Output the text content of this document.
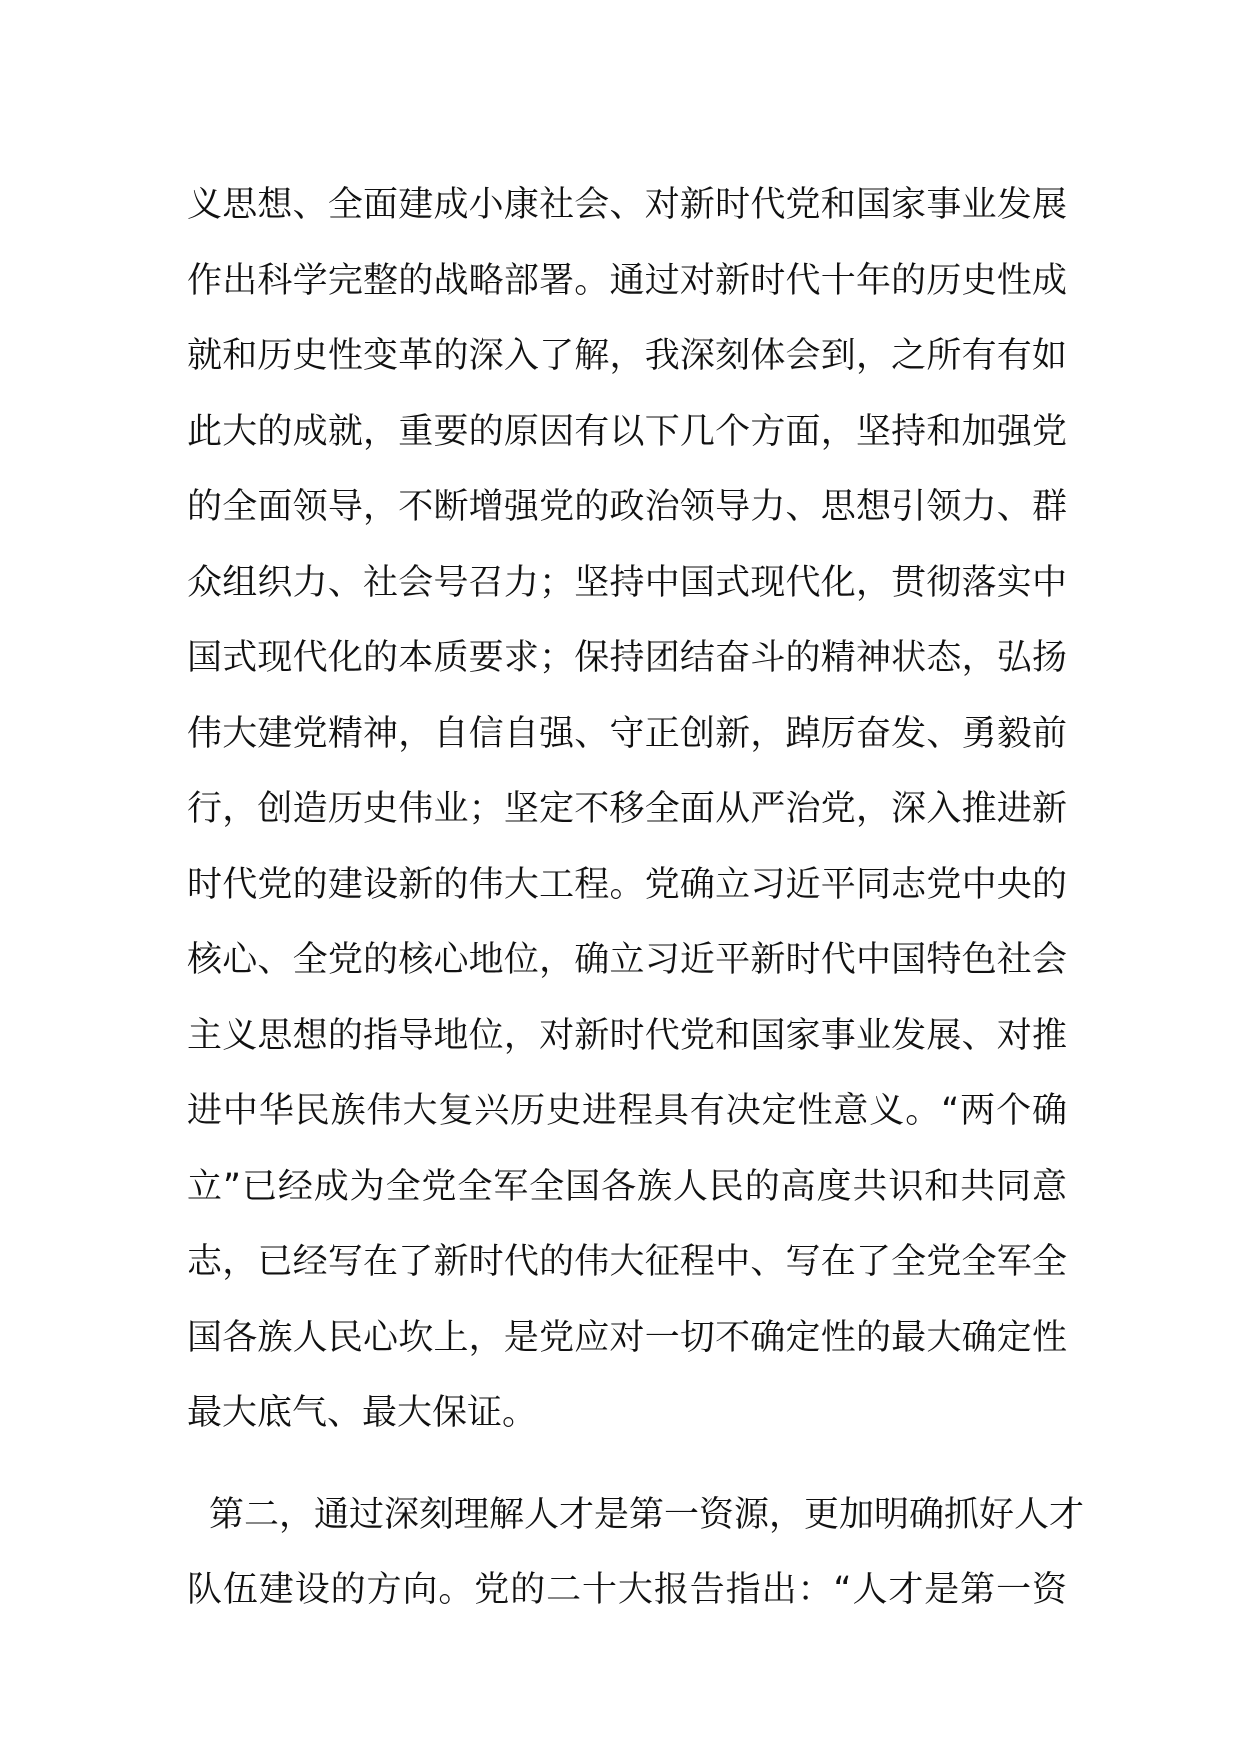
义思想、全面建成小康社会、对新时代党和国家事业发展
作出科学完整的战略部署。通过对新时代十年的历史性成
就和历史性变革的深入了解，我深刻体会到，之所有有如
此大的成就，重要的原因有以下几个方面，坚持和加强党
的全面领导，不断增强党的政治领导力、思想引领力、群
众组织力、社会号召力；坚持中国式现代化，贯彻落实中
国式现代化的本质要求；保持团结奋斗的精神状态，弘扬
伟大建党精神，自信自强、守正创新，踔厉奋发、勇毅前
行，创造历史伟业；坚定不移全面从严治党，深入推进新
时代党的建设新的伟大工程。党确立习近平同志党中央的
核心、全党的核心地位，确立习近平新时代中国特色社会
主义思想的指导地位，对新时代党和国家事业发展、对推
进中华民族伟大复兴历史进程具有决定性意义。“两个确
立”已经成为全党全军全国各族人民的高度共识和共同意
志，已经写在了新时代的伟大征程中、写在了全党全军全
国各族人民心坎上，是党应对一切不确定性的最大确定性
最大底气、最大保证。
第二，通过深刻理解人才是第一资源，更加明确抓好人才
队伍建设的方向。党的二十大报告指出：“人才是第一资
